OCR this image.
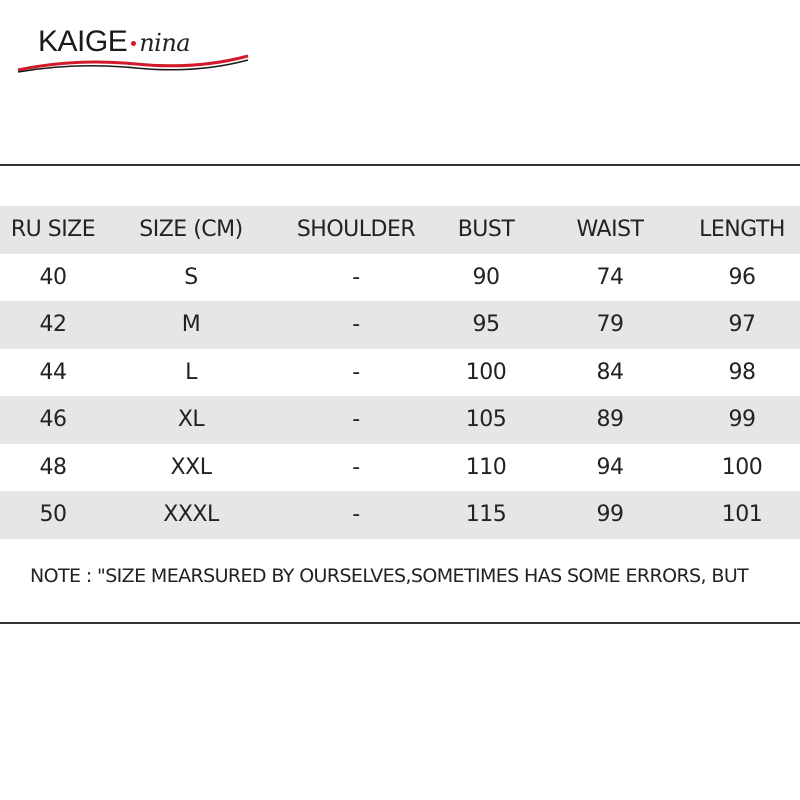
KAIGE nina
RU SIZE	SIZE (CM)	SHOULDER	BUST	WAIST	LENGTH
40	S	-	90	74	96
42	M	-	95	79	97
44	L	-	100	84	98
46	XL	-	105	89	99
48	XXL	-	110	94	100
50	XXXL	-	115	99	101
NOTE : "SIZE MEARSURED BY OURSELVES,SOMETIMES HAS SOME ERRORS, BUT
